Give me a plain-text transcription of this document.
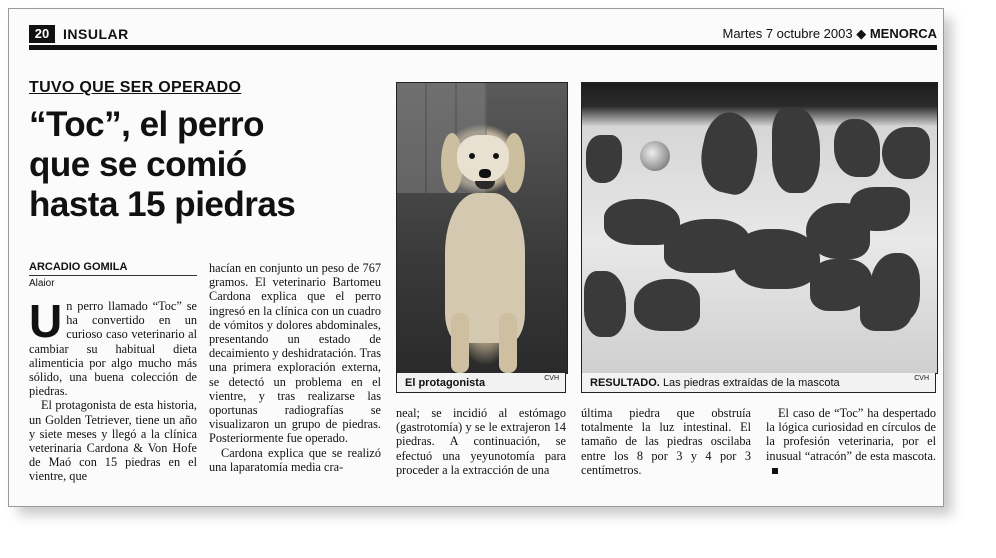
20 INSULAR	Martes 7 octubre 2003 ◆ MENORCA
TUVO QUE SER OPERADO
“Toc”, el perro
que se comió
hasta 15 piedras
ARCADIO GOMILA
Alaior

Un perro llamado “Toc” se ha convertido en un curioso caso veterinario al cambiar su habitual dieta alimenticia por algo mucho más sólido, una buena colección de piedras.

El protagonista de esta historia, un Golden Tetriever, tiene un año y siete meses y llegó a la clínica veterinaria Cardona & Von Hofe de Maó con 15 piedras en el vientre, que

hacían en conjunto un peso de 767 gramos. El veterinario Bartomeu Cardona explica que el perro ingresó en la clínica con un cuadro de vómitos y dolores abdominales, presentando un estado de decaimiento y deshidratación. Tras una primera exploración externa, se detectó un problema en el vientre, y tras realizarse las oportunas radiografías se visualizaron un grupo de piedras. Posteriormente fue operado.

Cardona explica que se realizó una laparatomía media cra-

neal; se incidió al estómago (gastrotomía) y se le extrajeron 14 piedras. A continuación, se efectuó una yeyunotomía para proceder a la extracción de una

última piedra que obstruía totalmente la luz intestinal. El tamaño de las piedras oscilaba entre los 8 por 3 y 4 por 3 centímetros.

El caso de “Toc” ha despertado la lógica curiosidad en círculos de la profesión veterinaria, por el inusual “atracón” de esta mascota.

El protagonista	CVH	RESULTADO. Las piedras extraídas de la mascota	CVH
